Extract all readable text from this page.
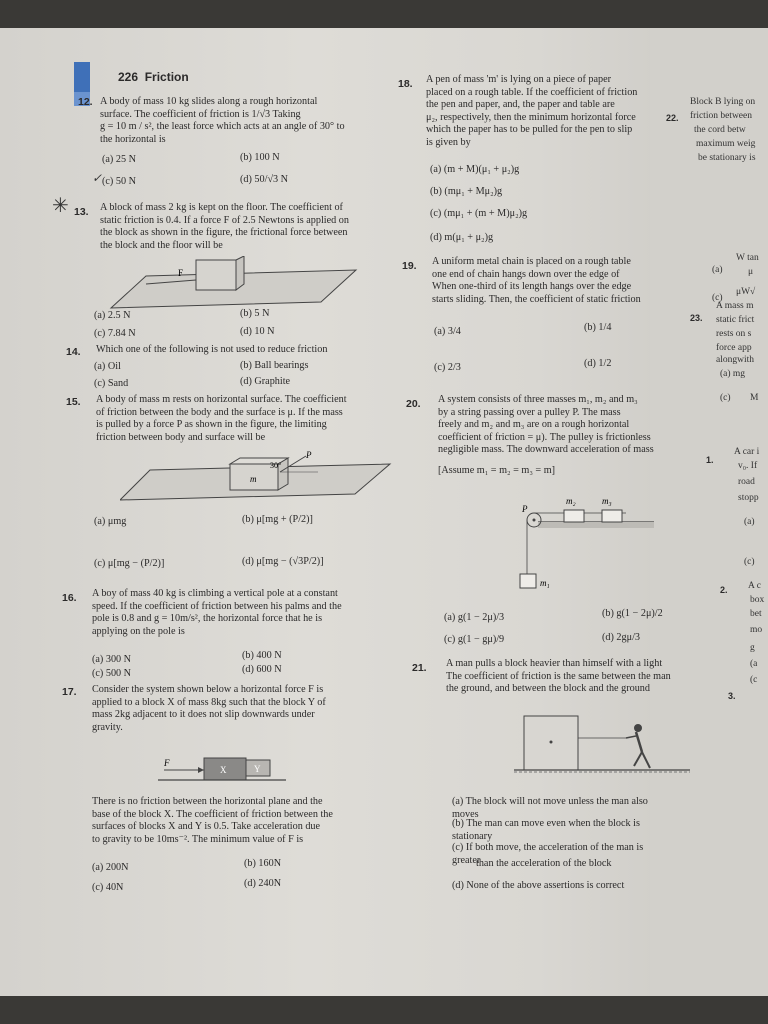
226 Friction
12. A body of mass 10 kg slides along a rough horizontal
surface. The coefficient of friction is 1/√3 Taking
g = 10 m / s², the least force which acts at an angle of 30° to
the horizontal is
(a) 25 N	(b) 100 N
✓ (c) 50 N	(d) 50/√3 N
✳ 13. A block of mass 2 kg is kept on the floor. The coefficient of
static friction is 0.4. If a force F of 2.5 Newtons is applied on
the block as shown in the figure, the frictional force between
the block and the floor will be
F
(a) 2.5 N	(b) 5 N
(c) 7.84 N	(d) 10 N
14. Which one of the following is not used to reduce friction
(a) Oil	(b) Ball bearings
(c) Sand	(d) Graphite
15. A body of mass m rests on horizontal surface. The coefficient
of friction between the body and the surface is μ. If the mass
is pulled by a force P as shown in the figure, the limiting
friction between body and surface will be
m
P
30°
(a) μmg	(b) μ[mg + (P/2)]
(c) μ[mg − (P/2)]	(d) μ[mg − (√3P/2)]
16. A boy of mass 40 kg is climbing a vertical pole at a constant
speed. If the coefficient of friction between his palms and the
pole is 0.8 and g = 10m/s², the horizontal force that he is
applying on the pole is
(a) 300 N	(b) 400 N
(c) 500 N	(d) 600 N
17. Consider the system shown below a horizontal force F is
applied to a block X of mass 8kg such that the block Y of
mass 2kg adjacent to it does not slip downwards under
gravity.
F
X	Y
There is no friction between the horizontal plane and the
base of the block X. The coefficient of friction between the
surfaces of blocks X and Y is 0.5. Take acceleration due
to gravity to be 10ms⁻². The minimum value of F is
(a) 200N	(b) 160N
(c) 40N	(d) 240N
18. A pen of mass 'm' is lying on a piece of paper
placed on a rough table. If the coefficient of friction
the pen and paper, and, the paper and table are
μ₂, respectively, then the minimum horizontal force
which the paper has to be pulled for the pen to slip
is given by
(a) (m + M)(μ₁ + μ₂)g
(b) (mμ₁ + Mμ₂)g
(c) (mμ₁ + (m + M)μ₂)g
(d) m(μ₁ + μ₂)g
19. A uniform metal chain is placed on a rough table
one end of chain hangs down over the edge of
When one-third of its length hangs over the edge
starts sliding. Then, the coefficient of static friction
(a) 3/4	(b) 1/4
(c) 2/3	(d) 1/2
20. A system consists of three masses m₁, m₂ and m₃
by a string passing over a pulley P. The mass
freely and m₂ and m₃ are on a rough horizontal
coefficient of friction = μ). The pulley is frictionless
negligible mass. The downward acceleration of mass
[Assume m₁ = m₂ = m₃ = m]
m₂	m₃
P
m₁
(a) g(1 − 2μ)/3	(b) g(1 − 2μ)/2
(c) g(1 − gμ)/9	(d) 2gμ/3
21. A man pulls a block heavier than himself with a light
The coefficient of friction is the same between the man
the ground, and between the block and the ground
(a) The block will not move unless the man also moves
(b) The man can move even when the block is stationary
(c) If both move, the acceleration of the man is greater
than the acceleration of the block
(d) None of the above assertions is correct
22.
Block B lying on
friction between
the cord betw
maximum weig
be stationary is
(a)
W tan
μ
(c)
μW√
23.
A mass m
static frict
rests on s
force app
alongwith
(a) mg
(c) M
1.
A car i
v₀. If
road
stopp
(a)
(c)
2. A c
box
bet
mo
g
(a
(c
3.
